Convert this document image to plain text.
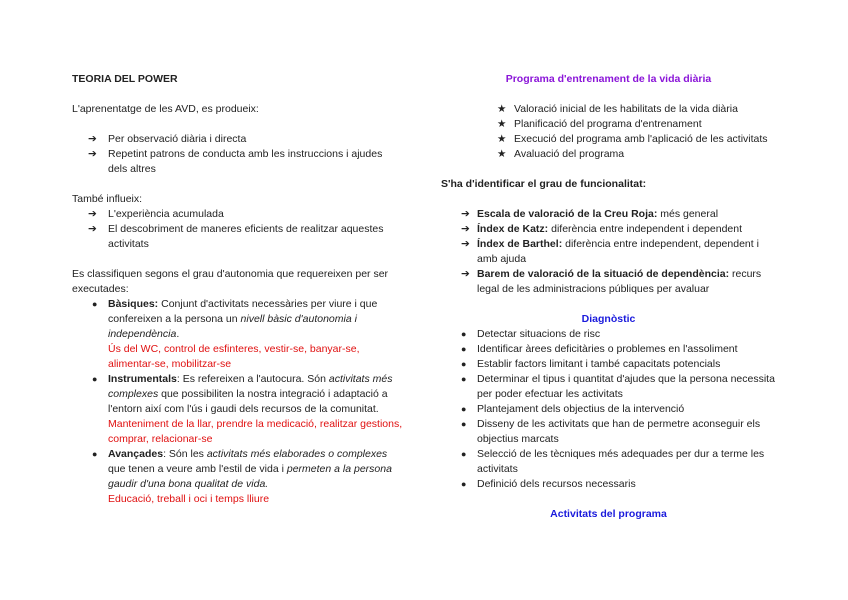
TEORIA DEL POWER

L'aprenentatge de les AVD, es produeix:

➔ Per observació diària i directa
➔ Repetint patrons de conducta amb les instruccions i ajudes dels altres

També influeix:

➔ L'experiència acumulada
➔ El descobriment de maneres eficients de realitzar aquestes activitats

Es classifiquen segons el grau d'autonomia que requereixen per ser executades:

● Bàsiques: Conjunt d'activitats necessàries per viure i que confereixen a la persona un nivell bàsic d'autonomia i independència.
Ús del WC, control de esfinteres, vestir-se, banyar-se, alimentar-se, mobilitzar-se
● Instrumentals: Es refereixen a l'autocura. Són activitats més complexes que possibiliten la nostra integració i adaptació a l'entorn així com l'ús i gaudi dels recursos de la comunitat.
Manteniment de la llar, prendre la medicació, realitzar gestions, comprar, relacionar-se
● Avançades: Són les activitats més elaborades o complexes que tenen a veure amb l'estil de vida i permeten a la persona gaudir d'una bona qualitat de vida.
Educació, treball i oci i temps lliure

Programa d'entrenament de la vida diària

★ Valoració inicial de les habilitats de la vida diària
★ Planificació del programa d'entrenament
★ Execució del programa amb l'aplicació de les activitats
★ Avaluació del programa

S'ha d'identificar el grau de funcionalitat:

➔ Escala de valoració de la Creu Roja: més general
➔ Índex de Katz: diferència entre independent i dependent
➔ Índex de Barthel: diferència entre independent, dependent i amb ajuda
➔ Barem de valoració de la situació de dependència: recurs legal de les administracions públiques per avaluar

Diagnòstic

● Detectar situacions de risc
● Identificar àrees deficitàries o problemes en l'assoliment
● Establir factors limitant i també capacitats potencials
● Determinar el tipus i quantitat d'ajudes que la persona necessita per poder efectuar les activitats
● Plantejament dels objectius de la intervenció
● Disseny de les activitats que han de permetre aconseguir els objectius marcats
● Selecció de les tècniques més adequades per dur a terme les activitats
● Definició dels recursos necessaris

Activitats del programa
